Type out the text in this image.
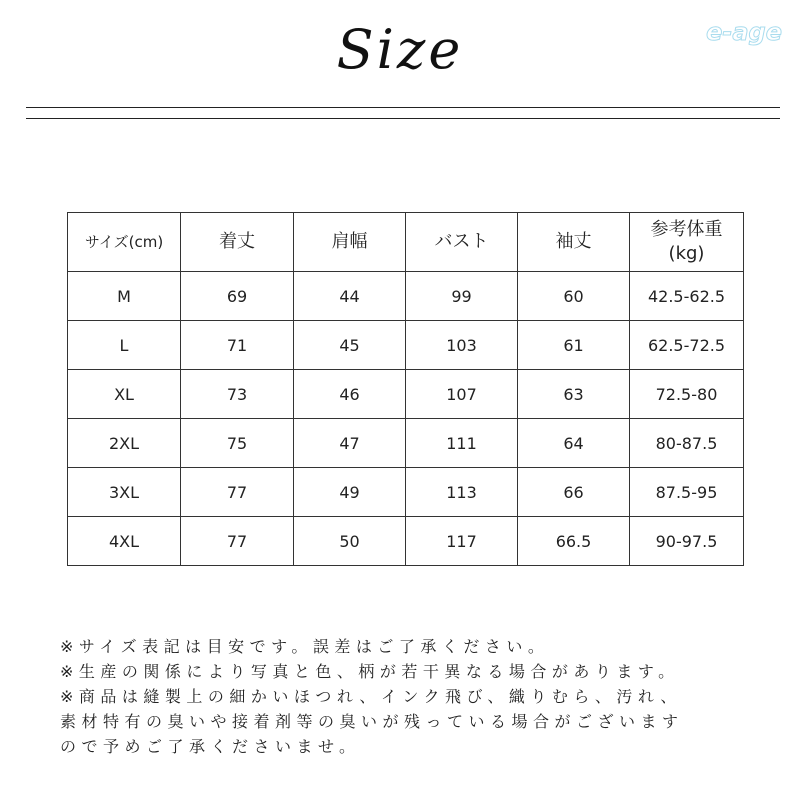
e-age
Size
サイズ(cm)	着丈	肩幅	バスト	袖丈	参考体重
(kg)
M	69	44	99	60	42.5-62.5
L	71	45	103	61	62.5-72.5
XL	73	46	107	63	72.5-80
2XL	75	47	111	64	80-87.5
3XL	77	49	113	66	87.5-95
4XL	77	50	117	66.5	90-97.5
※サイズ表記は目安です。誤差はご了承ください。
※生産の関係により写真と色、柄が若干異なる場合があります。
※商品は縫製上の細かいほつれ、インク飛び、織りむら、汚れ、
素材特有の臭いや接着剤等の臭いが残っている場合がございます
ので予めご了承くださいませ。
